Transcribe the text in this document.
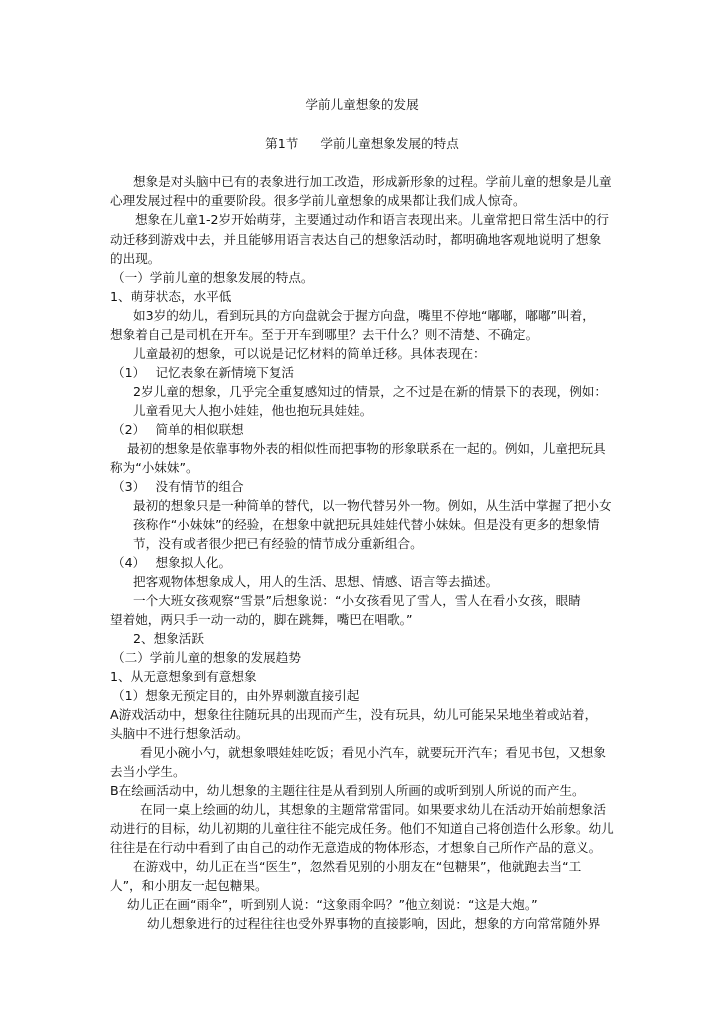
学前儿童想象的发展
第1节 学前儿童想象发展的特点
想象是对头脑中已有的表象进行加工改造，形成新形象的过程。学前儿童的想象是儿童
心理发展过程中的重要阶段。很多学前儿童想象的成果都让我们成人惊奇。
想象在儿童1-2岁开始萌芽，主要通过动作和语言表现出来。儿童常把日常生活中的行
动迁移到游戏中去，并且能够用语言表达自己的想象活动时，都明确地客观地说明了想象
的出现。
（一）学前儿童的想象发展的特点。
1、萌芽状态，水平低
如3岁的幼儿，看到玩具的方向盘就会于握方向盘，嘴里不停地“嘟嘟，嘟嘟”叫着，
想象着自己是司机在开车。至于开车到哪里？去干什么？则不清楚、不确定。
儿童最初的想象，可以说是记忆材料的简单迁移。具体表现在：
（1）　 记忆表象在新情境下复活
2岁儿童的想象，几乎完全重复感知过的情景，之不过是在新的情景下的表现，例如：
儿童看见大人抱小娃娃，他也抱玩具娃娃。
（2）　 简单的相似联想
最初的想象是依靠事物外表的相似性而把事物的形象联系在一起的。例如，儿童把玩具
称为“小妹妹”。
（3）　 没有情节的组合
最初的想象只是一种简单的替代，以一物代替另外一物。例如，从生活中掌握了把小女
孩称作“小妹妹”的经验，在想象中就把玩具娃娃代替小妹妹。但是没有更多的想象情
节，没有或者很少把已有经验的情节成分重新组合。
（4）　 想象拟人化。
把客观物体想象成人，用人的生活、思想、情感、语言等去描述。
一个大班女孩观察“雪景”后想象说：“小女孩看见了雪人，雪人在看小女孩，眼睛
望着她，两只手一动一动的，脚在跳舞，嘴巴在唱歌。”
2、想象活跃
（二）学前儿童的想象的发展趋势
1、从无意想象到有意想象
（1）想象无预定目的，由外界刺激直接引起
A游戏活动中，想象往往随玩具的出现而产生，没有玩具，幼儿可能呆呆地坐着或站着，
头脑中不进行想象活动。
看见小碗小勺，就想象喂娃娃吃饭；看见小汽车，就要玩开汽车；看见书包，又想象
去当小学生。
B在绘画活动中，幼儿想象的主题往往是从看到别人所画的或听到别人所说的而产生。
在同一桌上绘画的幼儿，其想象的主题常常雷同。如果要求幼儿在活动开始前想象活
动进行的目标，幼儿初期的儿童往往不能完成任务。他们不知道自己将创造什么形象。幼儿
往往是在行动中看到了由自己的动作无意造成的物体形态，才想象自己所作产品的意义。
在游戏中，幼儿正在当“医生”，忽然看见别的小朋友在“包糖果”，他就跑去当“工
人”，和小朋友一起包糖果。
幼儿正在画“雨伞”，听到别人说：“这象雨伞吗？”他立刻说：“这是大炮。”
幼儿想象进行的过程往往也受外界事物的直接影响，因此，想象的方向常常随外界
